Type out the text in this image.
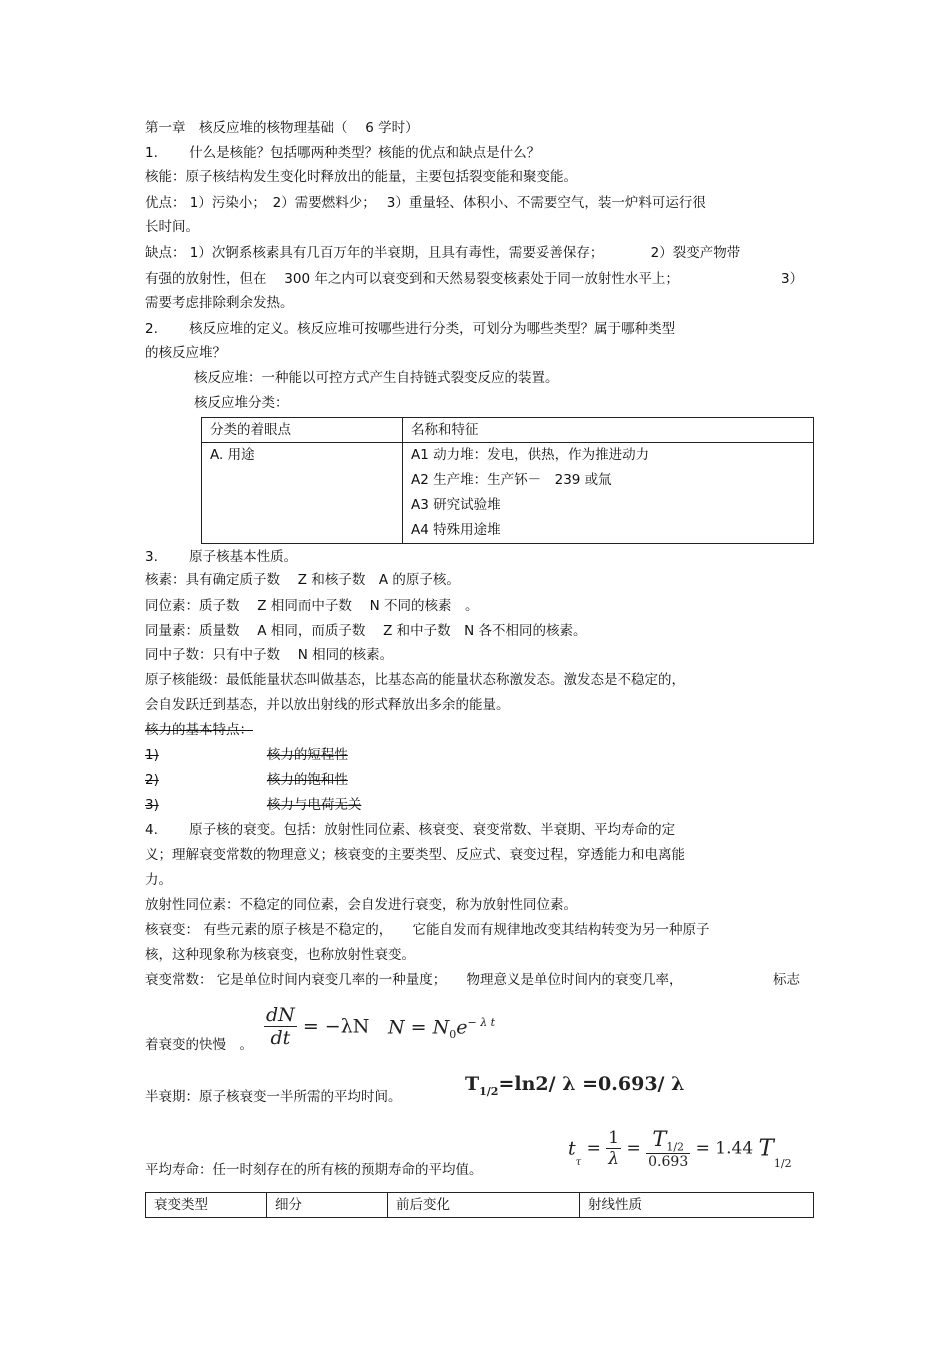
第一章　核反应堆的核物理基础（　 6 学时）
1.　　 什么是核能？包括哪两种类型？核能的优点和缺点是什么？
核能：原子核结构发生变化时释放出的能量，主要包括裂变能和聚变能。
优点： 1）污染小；　2）需要燃料少；　 3）重量轻、体积小、不需要空气，装一炉料可运行很
长时间。
缺点： 1）次锕系核素具有几百万年的半衰期，且具有毒性，需要妥善保存；　　　　2）裂变产物带
有强的放射性，但在　 300 年之内可以衰变到和天然易裂变核素处于同一放射性水平上；	3）
需要考虑排除剩余发热。
2.　　 核反应堆的定义。核反应堆可按哪些进行分类，可划分为哪些类型？属于哪种类型
的核反应堆？
核反应堆：一种能以可控方式产生自持链式裂变反应的装置。
核反应堆分类：
分类的着眼点	名称和特征
A. 用途	A1 动力堆：发电，供热，作为推进动力
A2 生产堆：生产钚－　239 或氚
A3 研究试验堆
A4 特殊用途堆
3.　　 原子核基本性质。
核素：具有确定质子数　 Z 和核子数　A 的原子核。
同位素：质子数　 Z 相同而中子数　 N 不同的核素　。
同量素：质量数　 A 相同，而质子数　 Z 和中子数　N 各不相同的核素。
同中子数：只有中子数　 N 相同的核素。
原子核能级：最低能量状态叫做基态，比基态高的能量状态称激发态。激发态是不稳定的，
会自发跃迁到基态，并以放出射线的形式释放出多余的能量。
核力的基本特点：
1)	核力的短程性
2)	核力的饱和性
3)	核力与电荷无关
4.　　 原子核的衰变。包括：放射性同位素、核衰变、衰变常数、半衰期、平均寿命的定
义；理解衰变常数的物理意义；核衰变的主要类型、反应式、衰变过程，穿透能力和电离能
力。
放射性同位素：不稳定的同位素，会自发进行衰变，称为放射性同位素。
核衰变： 有些元素的原子核是不稳定的，　　它能自发而有规律地改变其结构转变为另一种原子
核，这种现象称为核衰变，也称放射性衰变。
衰变常数： 它是单位时间内衰变几率的一种量度；　　物理意义是单位时间内的衰变几率，	标志
着衰变的快慢　。 $\frac{dN}{dt} = -\lambda N$ $N = N_0e^{- \lambda t}$
半衰期：原子核衰变一半所需的平均时间。
$T_{1/2}=\ln 2/$ λ =0.693/ λ
平均寿命：任一时刻存在的所有核的预期寿命的平均值。
$t_\tau = \frac{1}{\lambda} = \frac{T_{1/2}}{0.693} = 1.44$ $T_{1/2}$
衰变类型	细分	前后变化	射线性质
